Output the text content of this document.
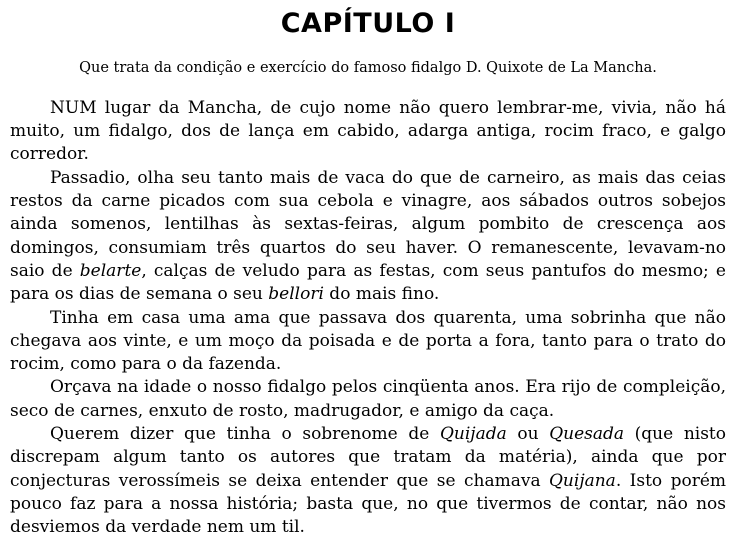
CAPÍTULO I

Que trata da condição e exercício do famoso fidalgo D. Quixote de La Mancha.

NUM lugar da Mancha, de cujo nome não quero lembrar-me, vivia, não há muito, um fidalgo, dos de lança em cabido, adarga antiga, rocim fraco, e galgo corredor.

Passadio, olha seu tanto mais de vaca do que de carneiro, as mais das ceias restos da carne picados com sua cebola e vinagre, aos sábados outros sobejos ainda somenos, lentilhas às sextas-feiras, algum pombito de crescença aos domingos, consumiam três quartos do seu haver. O remanescente, levavam-no saio de belarte, calças de veludo para as festas, com seus pantufos do mesmo; e para os dias de semana o seu bellori do mais fino.

Tinha em casa uma ama que passava dos quarenta, uma sobrinha que não chegava aos vinte, e um moço da poisada e de porta a fora, tanto para o trato do rocim, como para o da fazenda.

Orçava na idade o nosso fidalgo pelos cinqüenta anos. Era rijo de compleição, seco de carnes, enxuto de rosto, madrugador, e amigo da caça.

Querem dizer que tinha o sobrenome de Quijada ou Quesada (que nisto discrepam algum tanto os autores que tratam da matéria), ainda que por conjecturas verossímeis se deixa entender que se chamava Quijana. Isto porém pouco faz para a nossa história; basta que, no que tivermos de contar, não nos desviemos da verdade nem um til.
